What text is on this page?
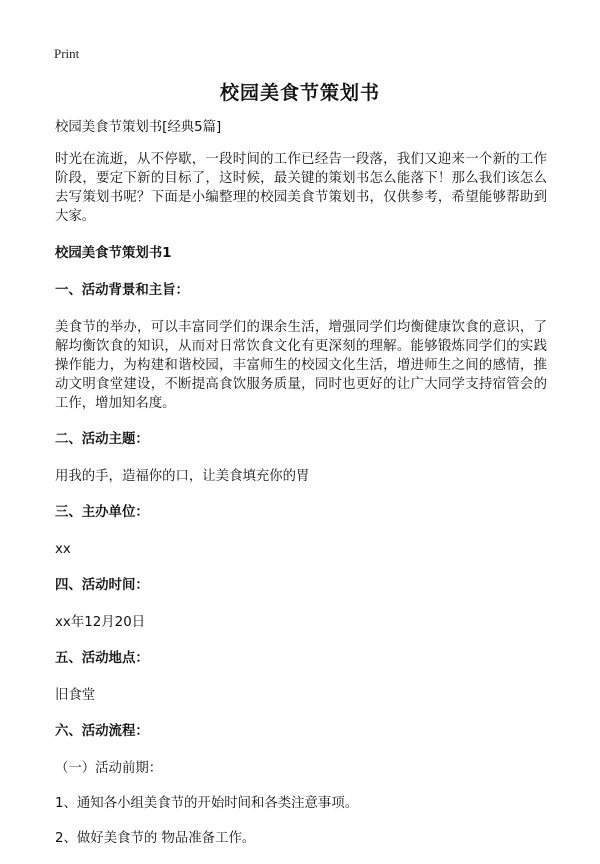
Print
校园美食节策划书

校园美食节策划书[经典5篇]

时光在流逝，从不停歇，一段时间的工作已经告一段落，我们又迎来一个新的工作阶段，要定下新的目标了，这时候，最关键的策划书怎么能落下！那么我们该怎么去写策划书呢？下面是小编整理的校园美食节策划书，仅供参考，希望能够帮助到大家。

校园美食节策划书1

一、活动背景和主旨：

美食节的举办，可以丰富同学们的课余生活，增强同学们均衡健康饮食的意识，了解均衡饮食的知识，从而对日常饮食文化有更深刻的理解。能够锻炼同学们的实践操作能力，为构建和谐校园，丰富师生的校园文化生活，增进师生之间的感情，推动文明食堂建设，不断提高食饮服务质量，同时也更好的让广大同学支持宿管会的工作，增加知名度。

二、活动主题：

用我的手，造福你的口，让美食填充你的胃

三、主办单位：

xx

四、活动时间：

xx年12月20日

五、活动地点：

旧食堂

六、活动流程：

（一）活动前期：

1、通知各小组美食节的开始时间和各类注意事项。

2、做好美食节的 物品准备工作。
